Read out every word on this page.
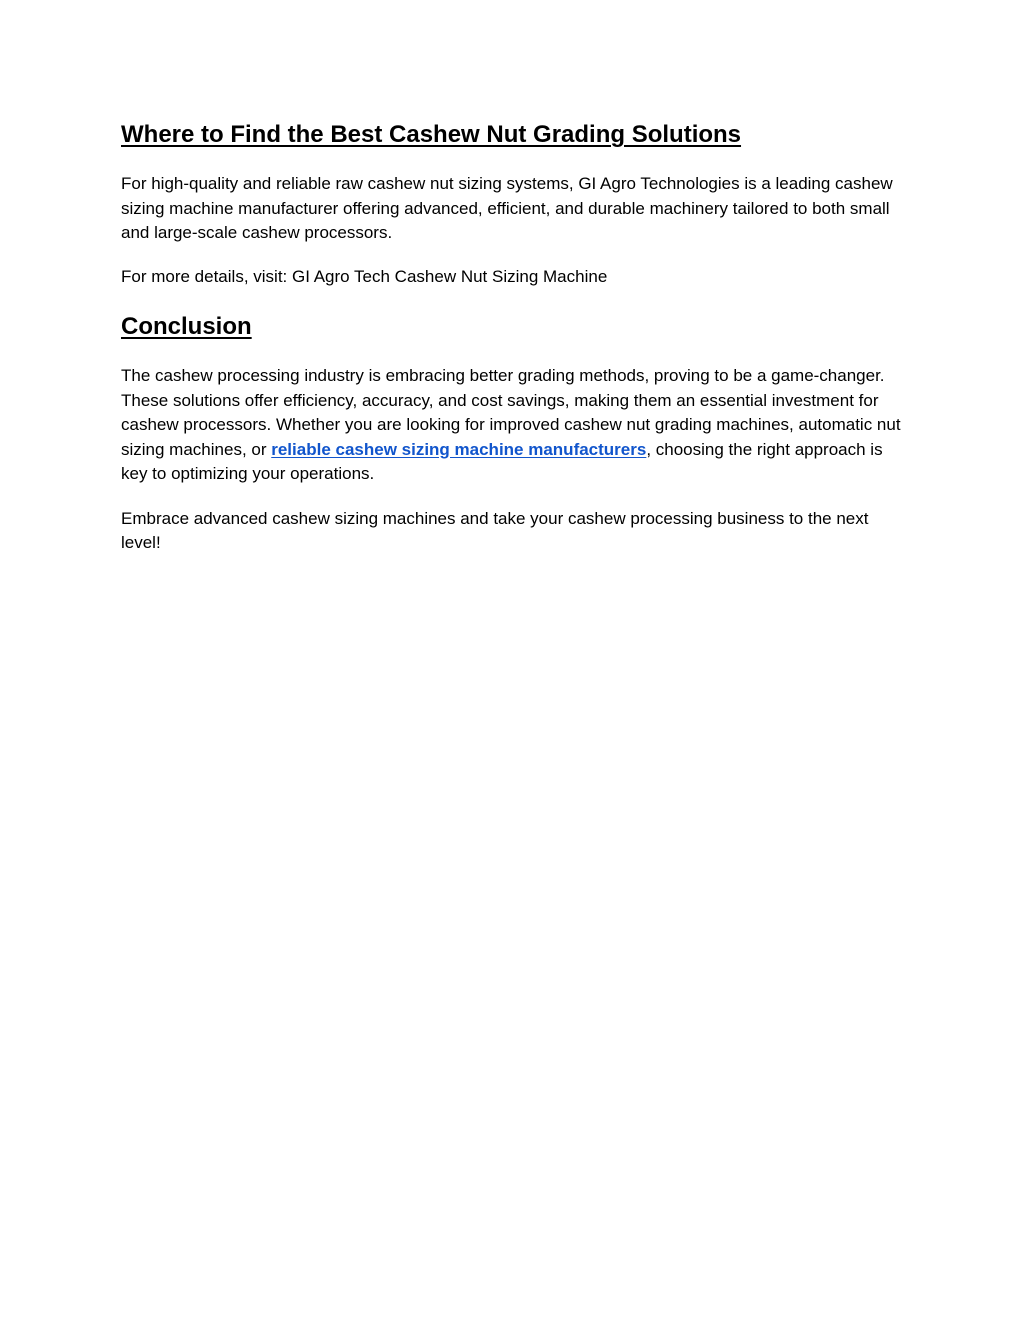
Where to Find the Best Cashew Nut Grading Solutions

For high-quality and reliable raw cashew nut sizing systems, GI Agro Technologies is a leading cashew sizing machine manufacturer offering advanced, efficient, and durable machinery tailored to both small and large-scale cashew processors.

For more details, visit: GI Agro Tech Cashew Nut Sizing Machine

Conclusion

The cashew processing industry is embracing better grading methods, proving to be a game-changer. These solutions offer efficiency, accuracy, and cost savings, making them an essential investment for cashew processors. Whether you are looking for improved cashew nut grading machines, automatic nut sizing machines, or reliable cashew sizing machine manufacturers, choosing the right approach is key to optimizing your operations.

Embrace advanced cashew sizing machines and take your cashew processing business to the next level!
